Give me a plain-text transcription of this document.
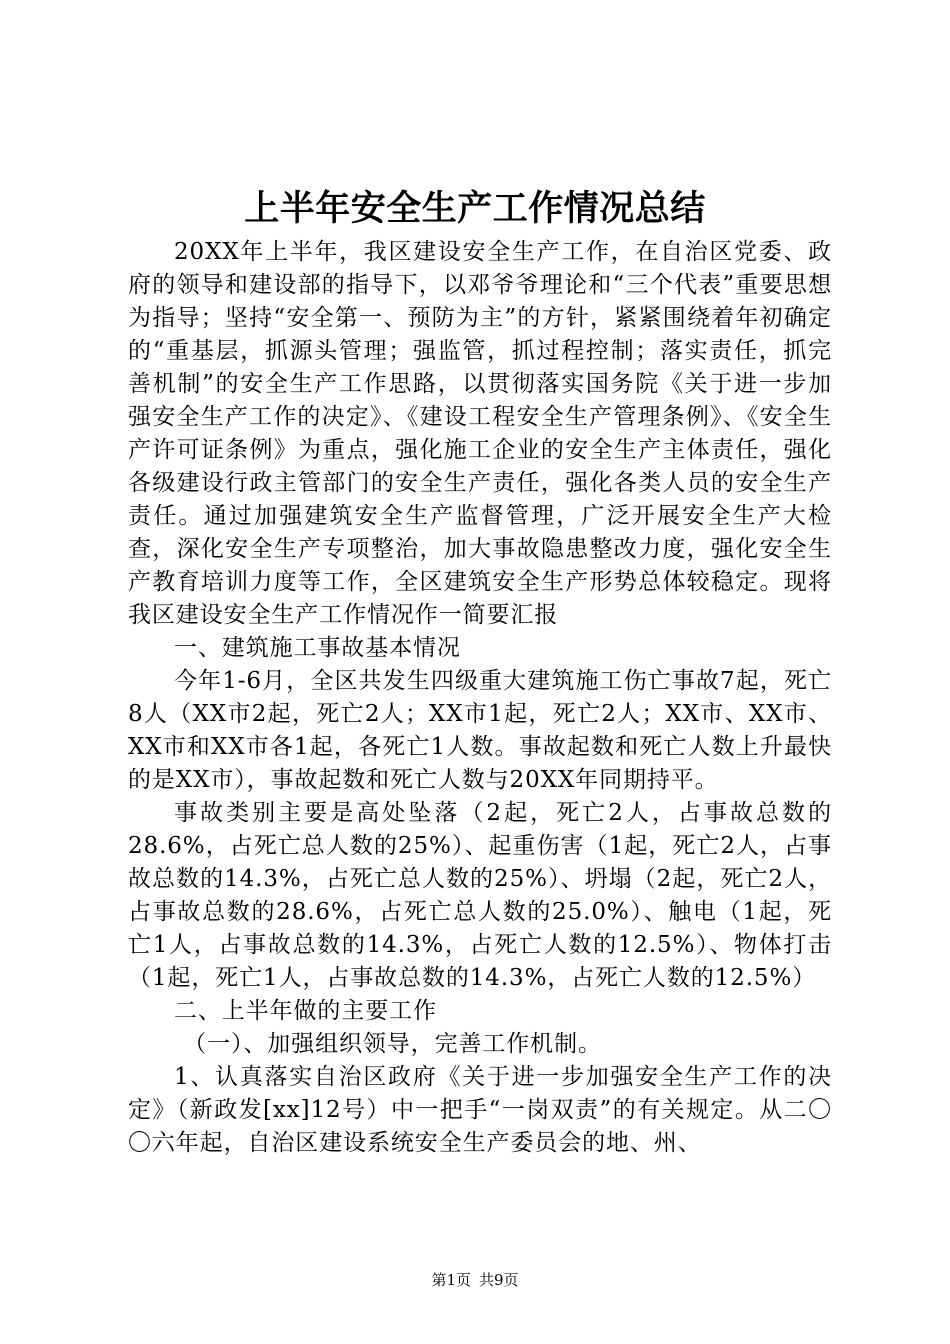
上半年安全生产工作情况总结

20XX年上半年，我区建设安全生产工作，在自治区党委、政府的领导和建设部的指导下，以邓爷爷理论和“三个代表”重要思想为指导；坚持“安全第一、预防为主”的方针，紧紧围绕着年初确定的“重基层，抓源头管理；强监管，抓过程控制；落实责任，抓完善机制”的安全生产工作思路，以贯彻落实国务院《关于进一步加强安全生产工作的决定》、《建设工程安全生产管理条例》、《安全生产许可证条例》为重点，强化施工企业的安全生产主体责任，强化各级建设行政主管部门的安全生产责任，强化各类人员的安全生产责任。通过加强建筑安全生产监督管理，广泛开展安全生产大检查，深化安全生产专项整治，加大事故隐患整改力度，强化安全生产教育培训力度等工作，全区建筑安全生产形势总体较稳定。现将我区建设安全生产工作情况作一简要汇报

一、建筑施工事故基本情况

今年1-6月，全区共发生四级重大建筑施工伤亡事故7起，死亡8人（XX市2起，死亡2人；XX市1起，死亡2人；XX市、XX市、XX市和XX市各1起，各死亡1人数。事故起数和死亡人数上升最快的是XX市），事故起数和死亡人数与20XX年同期持平。

事故类别主要是高处坠落（2起，死亡2人，占事故总数的28.6%，占死亡总人数的25%）、起重伤害（1起，死亡2人，占事故总数的14.3%，占死亡总人数的25%）、坍塌（2起，死亡2人，占事故总数的28.6%，占死亡总人数的25.0%）、触电（1起，死亡1人，占事故总数的14.3%，占死亡人数的12.5%）、物体打击（1起，死亡1人，占事故总数的14.3%，占死亡人数的12.5%）

二、上半年做的主要工作

（一）、加强组织领导，完善工作机制。

1、认真落实自治区政府《关于进一步加强安全生产工作的决定》（新政发[xx]12号）中一把手“一岗双责”的有关规定。从二〇〇六年起，自治区建设系统安全生产委员会的地、州、

第1页 共9页
